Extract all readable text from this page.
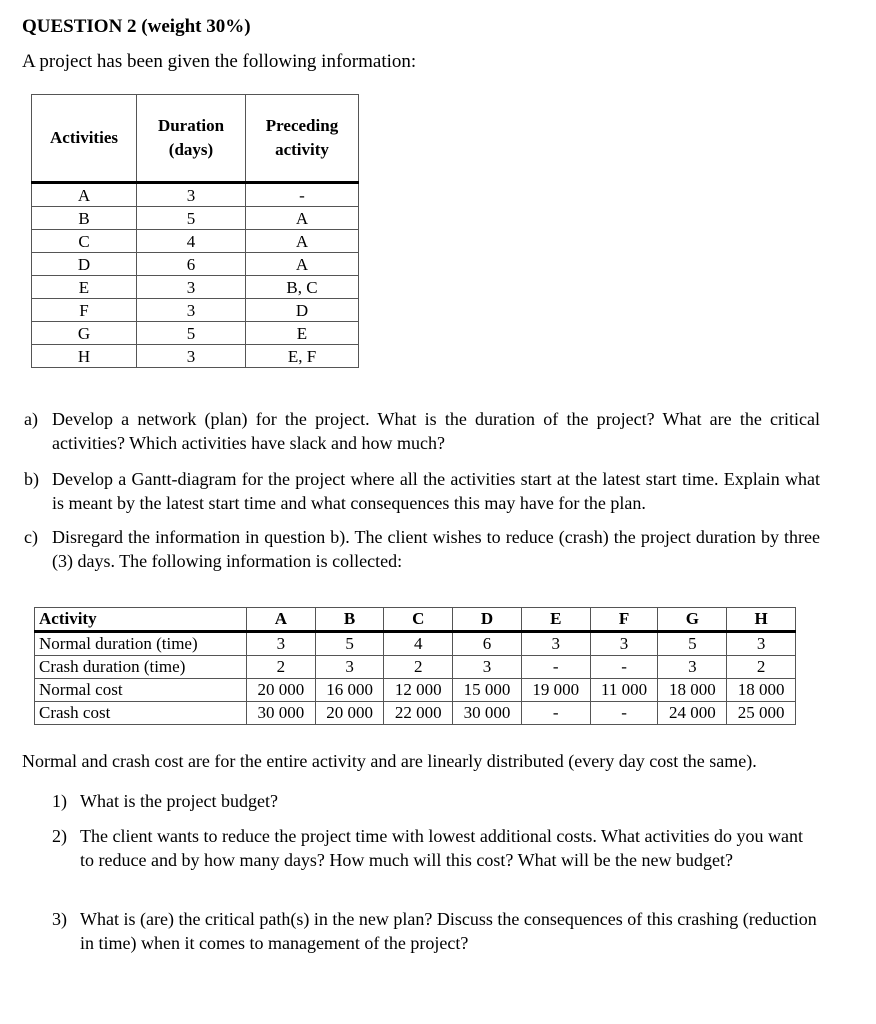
QUESTION 2 (weight 30%)
A project has been given the following information:
Activities	Duration (days)	Preceding activity
A	3	-
B	5	A
C	4	A
D	6	A
E	3	B, C
F	3	D
G	5	E
H	3	E, F
a) Develop a network (plan) for the project. What is the duration of the project? What are the critical activities? Which activities have slack and how much?
b) Develop a Gantt-diagram for the project where all the activities start at the latest start time. Explain what is meant by the latest start time and what consequences this may have for the plan.
c) Disregard the information in question b). The client wishes to reduce (crash) the project duration by three (3) days. The following information is collected:
Activity	A	B	C	D	E	F	G	H
Normal duration (time)	3	5	4	6	3	3	5	3
Crash duration (time)	2	3	2	3	-	-	3	2
Normal cost	20 000	16 000	12 000	15 000	19 000	11 000	18 000	18 000
Crash cost	30 000	20 000	22 000	30 000	-	-	24 000	25 000
Normal and crash cost are for the entire activity and are linearly distributed (every day cost the same).
1) What is the project budget?
2) The client wants to reduce the project time with lowest additional costs. What activities do you want to reduce and by how many days? How much will this cost? What will be the new budget?
3) What is (are) the critical path(s) in the new plan? Discuss the consequences of this crashing (reduction in time) when it comes to management of the project?
